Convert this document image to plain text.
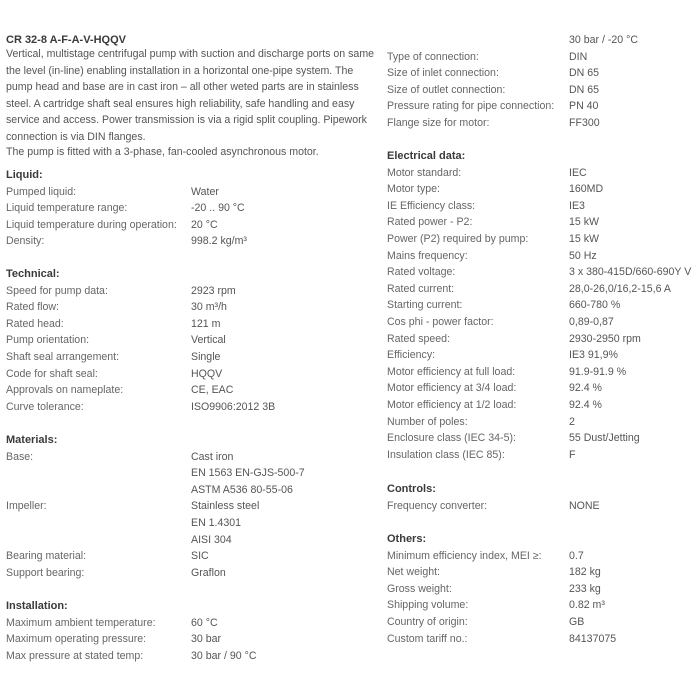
CR 32-8 A-F-A-V-HQQV
Vertical, multistage centrifugal pump with suction and discharge ports on same the level (in-line) enabling installation in a horizontal one-pipe system. The pump head and base are in cast iron – all other weted parts are in stainless steel. A cartridge shaft seal ensures high reliability, safe handling and easy service and access. Power transmission is via a rigid split coupling. Pipework connection is via DIN flanges.
The pump is fitted with a 3-phase, fan-cooled asynchronous motor.
Liquid:
Pumped liquid:	Water
Liquid temperature range:	-20 .. 90 °C
Liquid temperature during operation:	20 °C
Density:	998.2 kg/m³
Technical:
Speed for pump data:	2923 rpm
Rated flow:	30 m³/h
Rated head:	121 m
Pump orientation:	Vertical
Shaft seal arrangement:	Single
Code for shaft seal:	HQQV
Approvals on nameplate:	CE, EAC
Curve tolerance:	ISO9906:2012 3B
Materials:
Base:	Cast iron
EN 1563 EN-GJS-500-7
ASTM A536 80-55-06
Impeller:	Stainless steel
EN 1.4301
AISI 304
Bearing material:	SIC
Support bearing:	Graflon
Installation:
Maximum ambient temperature:	60 °C
Maximum operating pressure:	30 bar
Max pressure at stated temp:	30 bar / 90 °C
30 bar / -20 °C
Type of connection:	DIN
Size of inlet connection:	DN 65
Size of outlet connection:	DN 65
Pressure rating for pipe connection:	PN 40
Flange size for motor:	FF300
Electrical data:
Motor standard:	IEC
Motor type:	160MD
IE Efficiency class:	IE3
Rated power - P2:	15 kW
Power (P2) required by pump:	15 kW
Mains frequency:	50 Hz
Rated voltage:	3 x 380-415D/660-690Y V
Rated current:	28,0-26,0/16,2-15,6 A
Starting current:	660-780 %
Cos phi - power factor:	0,89-0,87
Rated speed:	2930-2950 rpm
Efficiency:	IE3 91,9%
Motor efficiency at full load:	91.9-91.9 %
Motor efficiency at 3/4 load:	92.4 %
Motor efficiency at 1/2 load:	92.4 %
Number of poles:	2
Enclosure class (IEC 34-5):	55 Dust/Jetting
Insulation class (IEC 85):	F
Controls:
Frequency converter:	NONE
Others:
Minimum efficiency index, MEI ≥:	0.7
Net weight:	182 kg
Gross weight:	233 kg
Shipping volume:	0.82 m³
Country of origin:	GB
Custom tariff no.:	84137075
